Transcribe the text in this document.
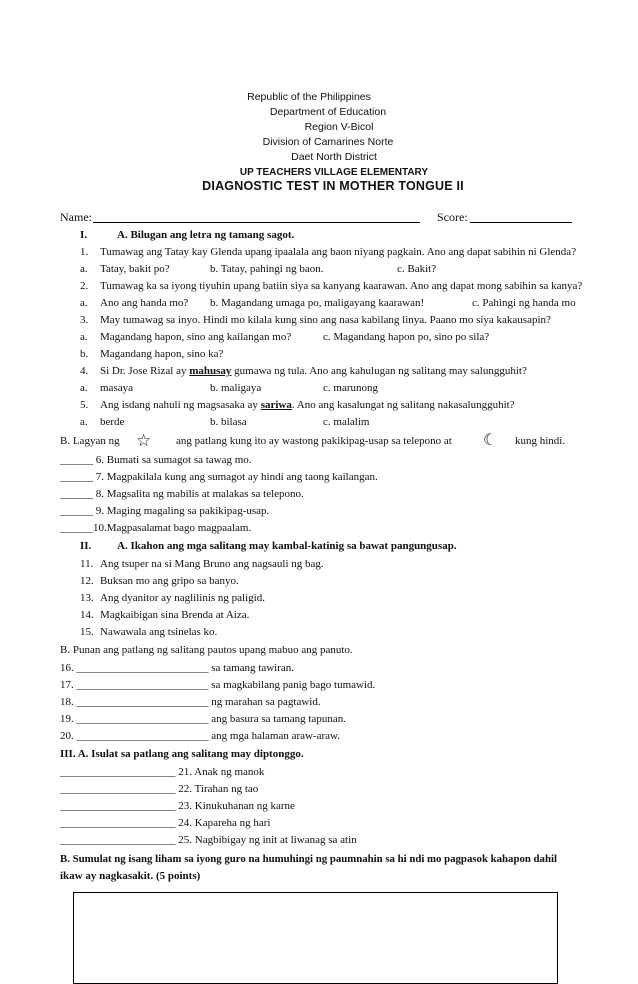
Republic of the Philippines
Department of Education
Region V-Bicol
Division of Camarines Norte
Daet North District
UP TEACHERS VILLAGE ELEMENTARY
DIAGNOSTIC TEST IN MOTHER TONGUE II
Name:	Score:
I.	A. Bilugan ang letra ng tamang sagot.
1. Tumawag ang Tatay kay Glenda upang ipaalala ang baon niyang pagkain. Ano ang dapat sabihin ni Glenda?
a. Tatay, bakit po?	b. Tatay, pahingi ng baon.	c. Bakit?
2. Tumawag ka sa iyong tiyuhin upang batiin siya sa kanyang kaarawan. Ano ang dapat mong sabihin sa kanya?
a. Ano ang handa mo? b. Magandang umaga po, maligayang kaarawan!	c. Pahingi ng handa mo
3. May tumawag sa inyo. Hindi mo kilala kung sino ang nasa kabilang linya. Paano mo siya kakausapin?
a. Magandang hapon, sino ang kailangan mo?	c. Magandang hapon po, sino po sila?
b. Magandang hapon, sino ka?
4. Si Dr. Jose Rizal ay mahusay gumawa ng tula. Ano ang kahulugan ng salitang may salungguhit?
a. masaya	b. maligaya	c. marunong
5. Ang isdang nahuli ng magsasaka ay sariwa. Ano ang kasalungat ng salitang nakasalungguhit?
a. berde	b. bilasa	c. malalim
B. Lagyan ng ☆ ang patlang kung ito ay wastong pakikipag-usap sa telepono at ☾ kung hindi.
______ 6. Bumati sa sumagot sa tawag mo.
______ 7. Magpakilala kung ang sumagot ay hindi ang taong kailangan.
______ 8. Magsalita ng mabilis at malakas sa telepono.
______ 9. Maging magaling sa pakikipag-usap.
______10.Magpasalamat bago magpaalam.
II. A. Ikahon ang mga salitang may kambal-katinig sa bawat pangungusap.
11. Ang tsuper na si Mang Bruno ang nagsauli ng bag.
12. Buksan mo ang gripo sa banyo.
13. Ang dyanitor ay naglilinis ng paligid.
14. Magkaibigan sina Brenda at Aiza.
15. Nawawala ang tsinelas ko.
B. Punan ang patlang ng salitang pautos upang mabuo ang panuto.
16. ________________________ sa tamang tawiran.
17. ________________________ sa magkabilang panig bago tumawid.
18. ________________________ ng marahan sa pagtawid.
19. ________________________ ang basura sa tamang tapunan.
20. ________________________ ang mga halaman araw-araw.
III. A. Isulat sa patlang ang salitang may diptonggo.
_____________________ 21. Anak ng manok
_____________________ 22. Tirahan ng tao
_____________________ 23. Kinukuhanan ng karne
_____________________ 24. Kapareha ng hari
_____________________ 25. Nagbibigay ng init at liwanag sa atin
B. Sumulat ng isang liham sa iyong guro na humuhingi ng paumnahin sa hi ndi mo pagpasok kahapon dahil
ikaw ay nagkasakit. (5 points)
